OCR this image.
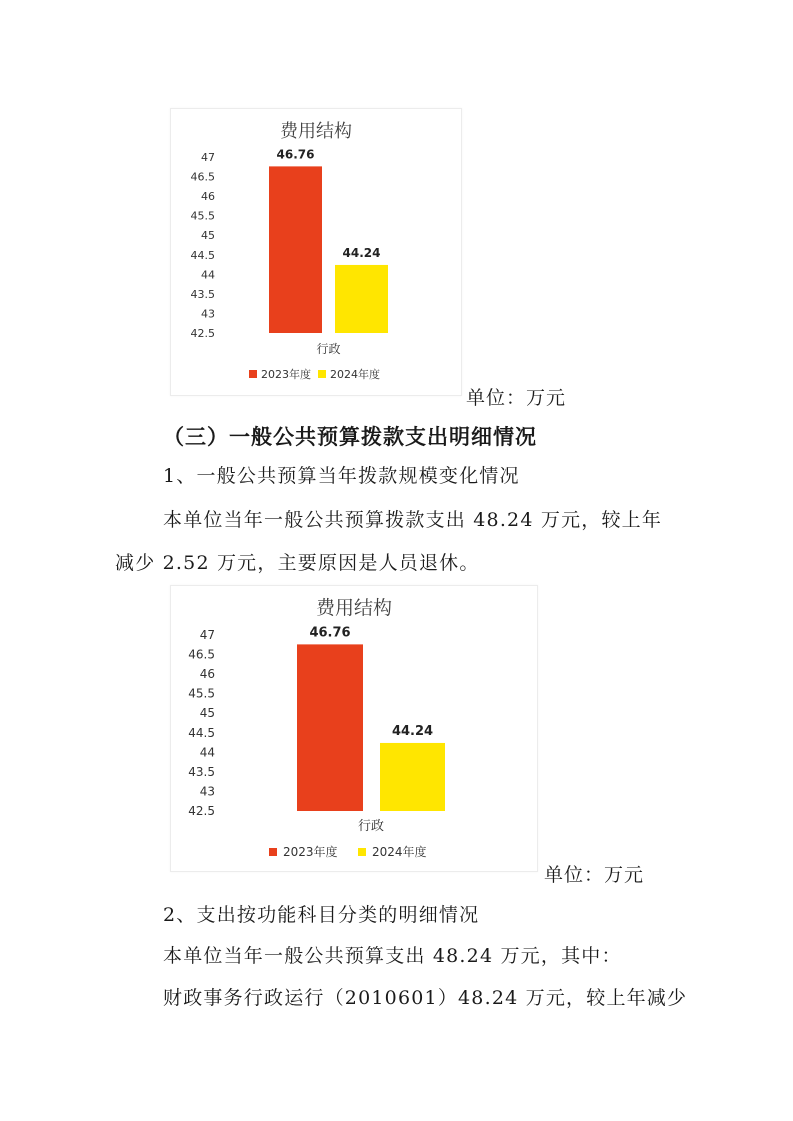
费用结构
47
46.5
46
45.5
45
44.5
44
43.5
43
42.5
46.76
44.24
行政
2023年度 2024年度
单位：万元
（三）一般公共预算拨款支出明细情况
1、一般公共预算当年拨款规模变化情况
本单位当年一般公共预算拨款支出 48.24 万元，较上年
减少 2.52 万元，主要原因是人员退休。
费用结构
47
46.5
46
45.5
45
44.5
44
43.5
43
42.5
46.76
44.24
行政
2023年度	2024年度
单位：万元
2、支出按功能科目分类的明细情况
本单位当年一般公共预算支出 48.24 万元，其中：
财政事务行政运行（2010601）48.24 万元，较上年减少
